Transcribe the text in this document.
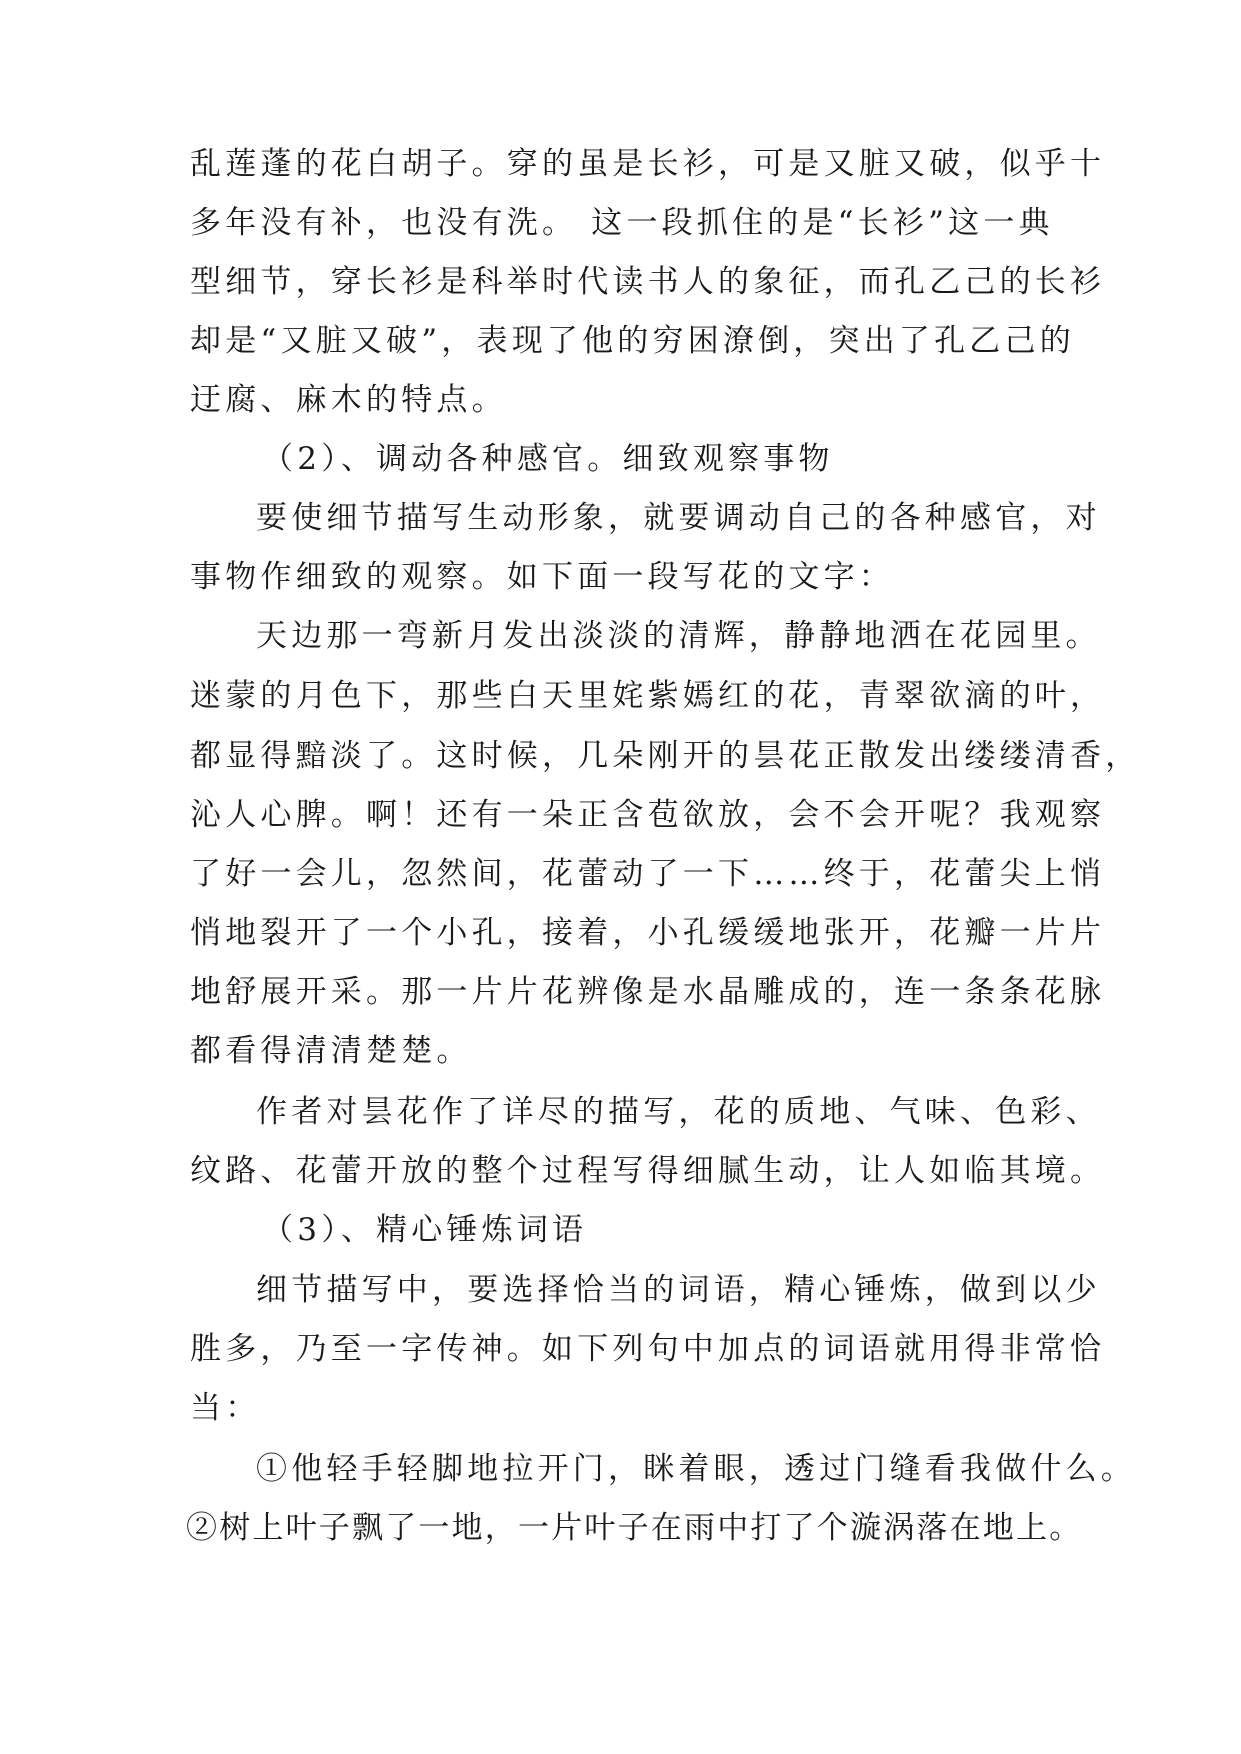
乱莲蓬的花白胡子。穿的虽是长衫，可是又脏又破，似乎十
多年没有补，也没有洗。 这一段抓住的是“长衫”这一典
型细节，穿长衫是科举时代读书人的象征，而孔乙己的长衫
却是“又脏又破”，表现了他的穷困潦倒，突出了孔乙己的
迂腐、麻木的特点。
（2）、调动各种感官。细致观察事物
要使细节描写生动形象，就要调动自己的各种感官，对
事物作细致的观察。如下面一段写花的文字：
天边那一弯新月发出淡淡的清辉，静静地洒在花园里。
迷蒙的月色下，那些白天里姹紫嫣红的花，青翠欲滴的叶，
都显得黯淡了。这时候，几朵刚开的昙花正散发出缕缕清香，
沁人心脾。啊！还有一朵正含苞欲放，会不会开呢？我观察
了好一会儿，忽然间，花蕾动了一下……终于，花蕾尖上悄
悄地裂开了一个小孔，接着，小孔缓缓地张开，花瓣一片片
地舒展开采。那一片片花辨像是水晶雕成的，连一条条花脉
都看得清清楚楚。
作者对昙花作了详尽的描写，花的质地、气味、色彩、
纹路、花蕾开放的整个过程写得细腻生动，让人如临其境。
（3）、精心锤炼词语
细节描写中，要选择恰当的词语，精心锤炼，做到以少
胜多，乃至一字传神。如下列句中加点的词语就用得非常恰
当：
①他轻手轻脚地拉开门，眯着眼，透过门缝看我做什么。
②树上叶子飘了一地，一片叶子在雨中打了个漩涡落在地上。
